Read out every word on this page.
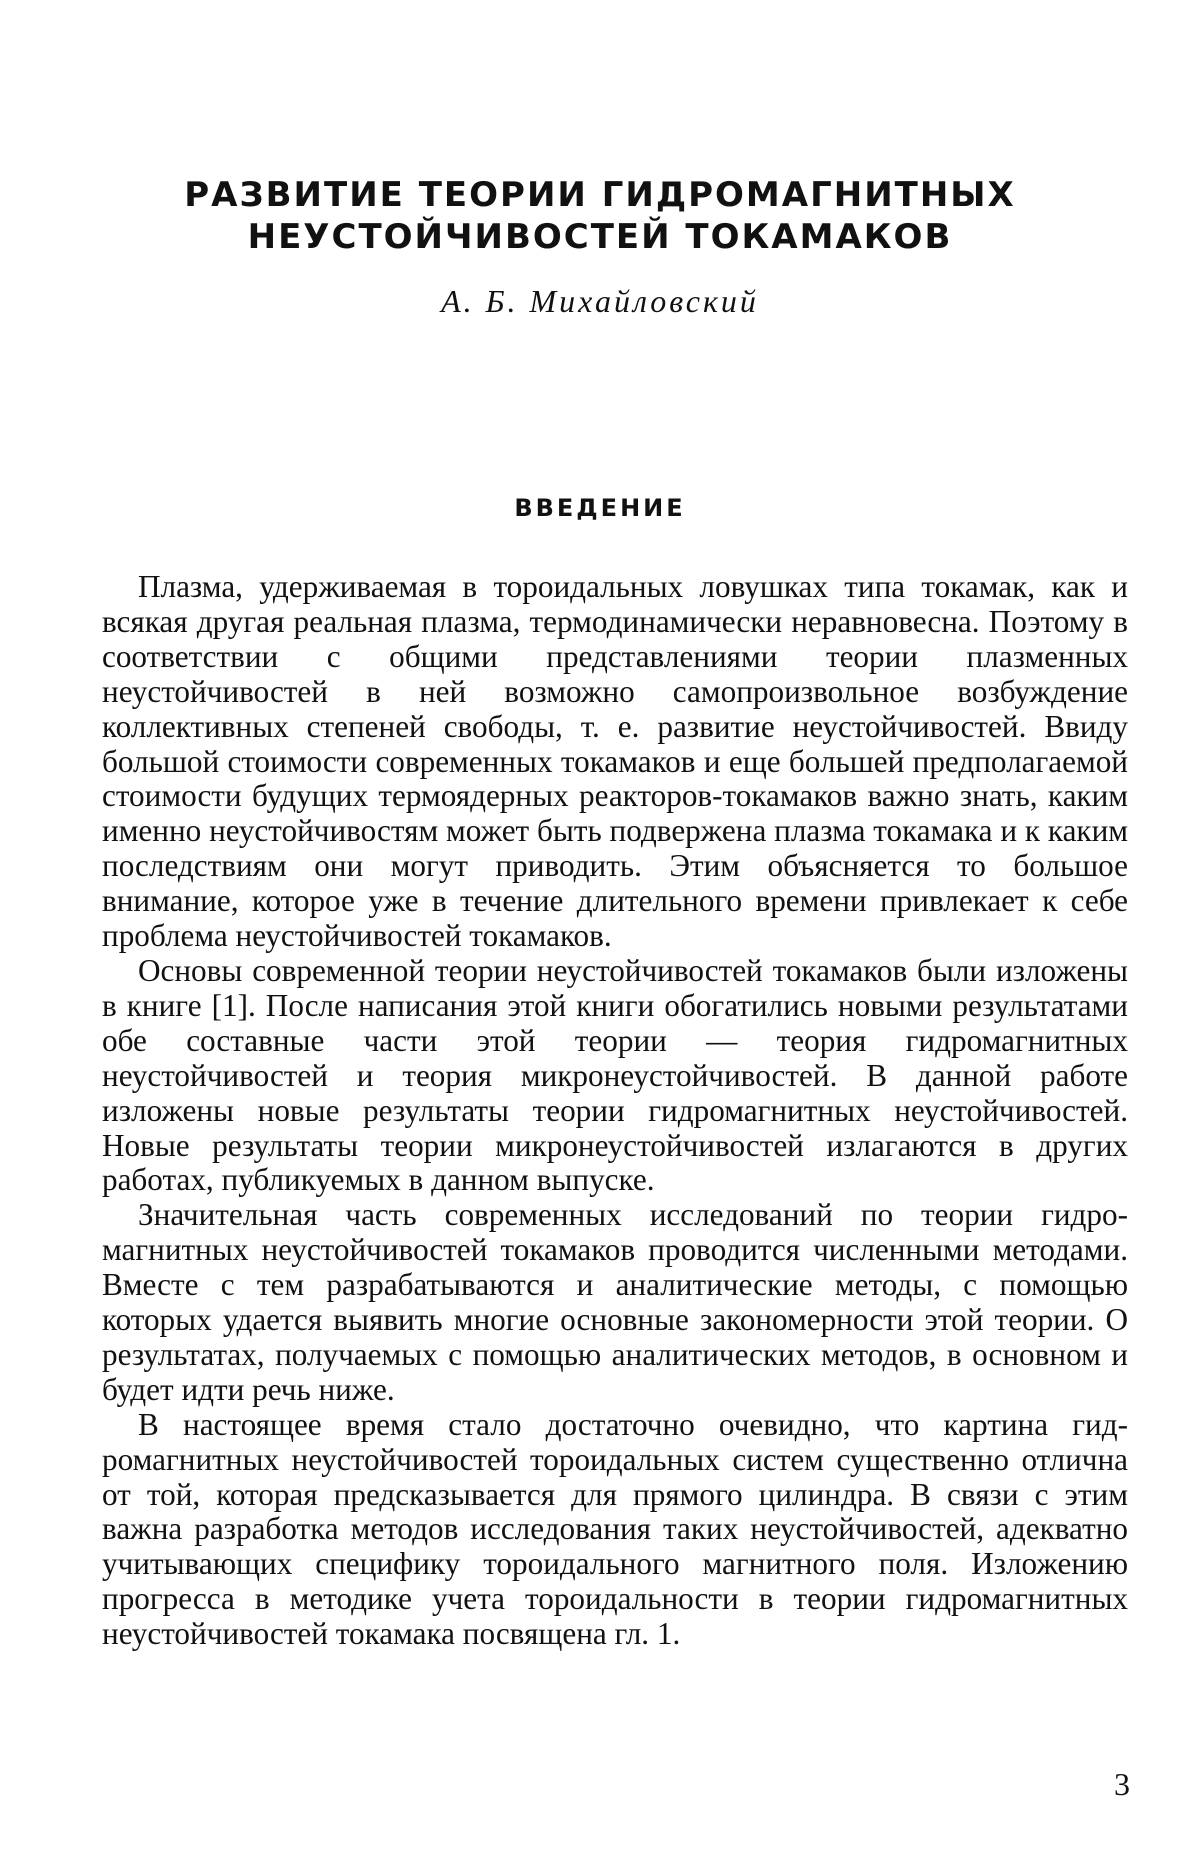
РАЗВИТИЕ ТЕОРИИ ГИДРОМАГНИТНЫХ
НЕУСТОЙЧИВОСТЕЙ ТОКАМАКОВ

А. Б. Михайловский

ВВЕДЕНИЕ

Плазма, удерживаемая в тороидальных ловушках типа токамак, как и всякая другая реальная плазма, термодинамически неравновесна. Поэтому в соответствии с общими представлениями теории плазменных неустойчивостей в ней возможно самопроизвольное возбуждение коллективных степеней свободы, т. е. развитие неустойчивостей. Ввиду большой стоимости современных токамаков и еще большей предполагаемой стоимости будущих термоядерных реакторов-токамаков важно знать, каким именно неустойчивостям может быть подвержена плазма токамака и к каким последствиям они могут приводить. Этим объясняется то большое внимание, которое уже в течение длительного времени привлекает к себе проблема неустойчивостей токамаков.

Основы современной теории неустойчивостей токамаков были изложены в книге [1]. После написания этой книги обогатились новыми результатами обе составные части этой теории — теория гидромагнитных неустойчивостей и теория микронеустойчивостей. В данной работе изложены новые результаты теории гидромагнитных неустойчивостей. Новые результаты теории микронеустойчивостей излагаются в других работах, публикуемых в данном выпуске.

Значительная часть современных исследований по теории гидромагнитных неустойчивостей токамаков проводится численными методами. Вместе с тем разрабатываются и аналитические методы, с помощью которых удается выявить многие основные закономерности этой теории. О результатах, получаемых с помощью аналитических методов, в основном и будет идти речь ниже.

В настоящее время стало достаточно очевидно, что картина гидромагнитных неустойчивостей тороидальных систем существенно отлична от той, которая предсказывается для прямого цилиндра. В связи с этим важна разработка методов исследования таких неустойчивостей, адекватно учитывающих специфику тороидального магнитного поля. Изложению прогресса в методике учета тороидальности в теории гидромагнитных неустойчивостей токамака посвящена гл. 1.

3
